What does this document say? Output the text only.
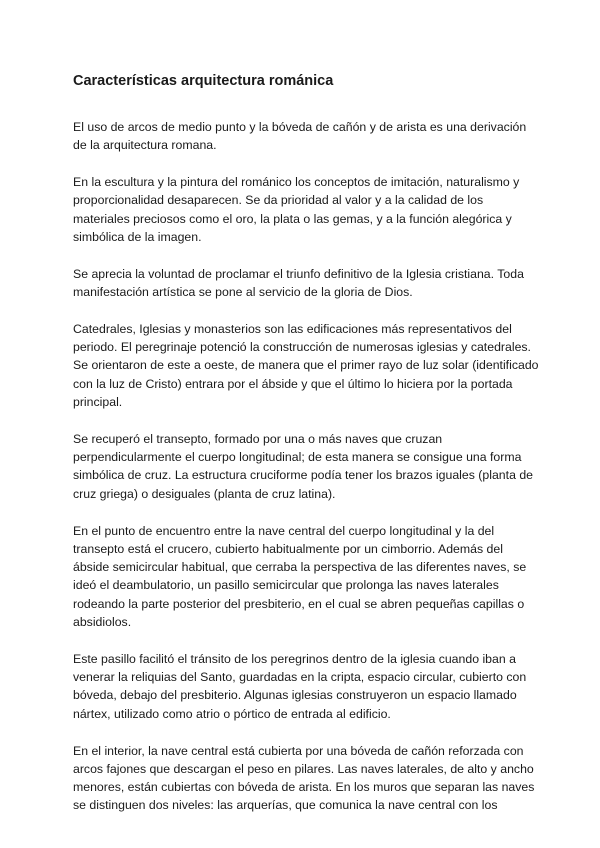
Características arquitectura románica

El uso de arcos de medio punto y la bóveda de cañón y de arista es una derivación de la arquitectura romana.

En la escultura y la pintura del románico los conceptos de imitación, naturalismo y proporcionalidad desaparecen. Se da prioridad al valor y a la calidad de los materiales preciosos como el oro, la plata o las gemas, y a la función alegórica y simbólica de la imagen.

Se aprecia la voluntad de proclamar el triunfo definitivo de la Iglesia cristiana. Toda manifestación artística se pone al servicio de la gloria de Dios.

Catedrales, Iglesias y monasterios son las edificaciones más representativos del periodo. El peregrinaje potenció la construcción de numerosas iglesias y catedrales. Se orientaron de este a oeste, de manera que el primer rayo de luz solar (identificado con la luz de Cristo) entrara por el ábside y que el último lo hiciera por la portada principal.

Se recuperó el transepto, formado por una o más naves que cruzan perpendicularmente el cuerpo longitudinal; de esta manera se consigue una forma simbólica de cruz. La estructura cruciforme podía tener los brazos iguales (planta de cruz griega) o desiguales (planta de cruz latina).

En el punto de encuentro entre la nave central del cuerpo longitudinal y la del transepto está el crucero, cubierto habitualmente por un cimborrio. Además del ábside semicircular habitual, que cerraba la perspectiva de las diferentes naves, se ideó el deambulatorio, un pasillo semicircular que prolonga las naves laterales rodeando la parte posterior del presbiterio, en el cual se abren pequeñas capillas o absidiolos.

Este pasillo facilitó el tránsito de los peregrinos dentro de la iglesia cuando iban a venerar la reliquias del Santo, guardadas en la cripta, espacio circular, cubierto con bóveda, debajo del presbiterio. Algunas iglesias construyeron un espacio llamado nártex, utilizado como atrio o pórtico de entrada al edificio.

En el interior, la nave central está cubierta por una bóveda de cañón reforzada con arcos fajones que descargan el peso en pilares. Las naves laterales, de alto y ancho menores, están cubiertas con bóveda de arista. En los muros que separan las naves se distinguen dos niveles: las arquerías, que comunica la nave central con los
